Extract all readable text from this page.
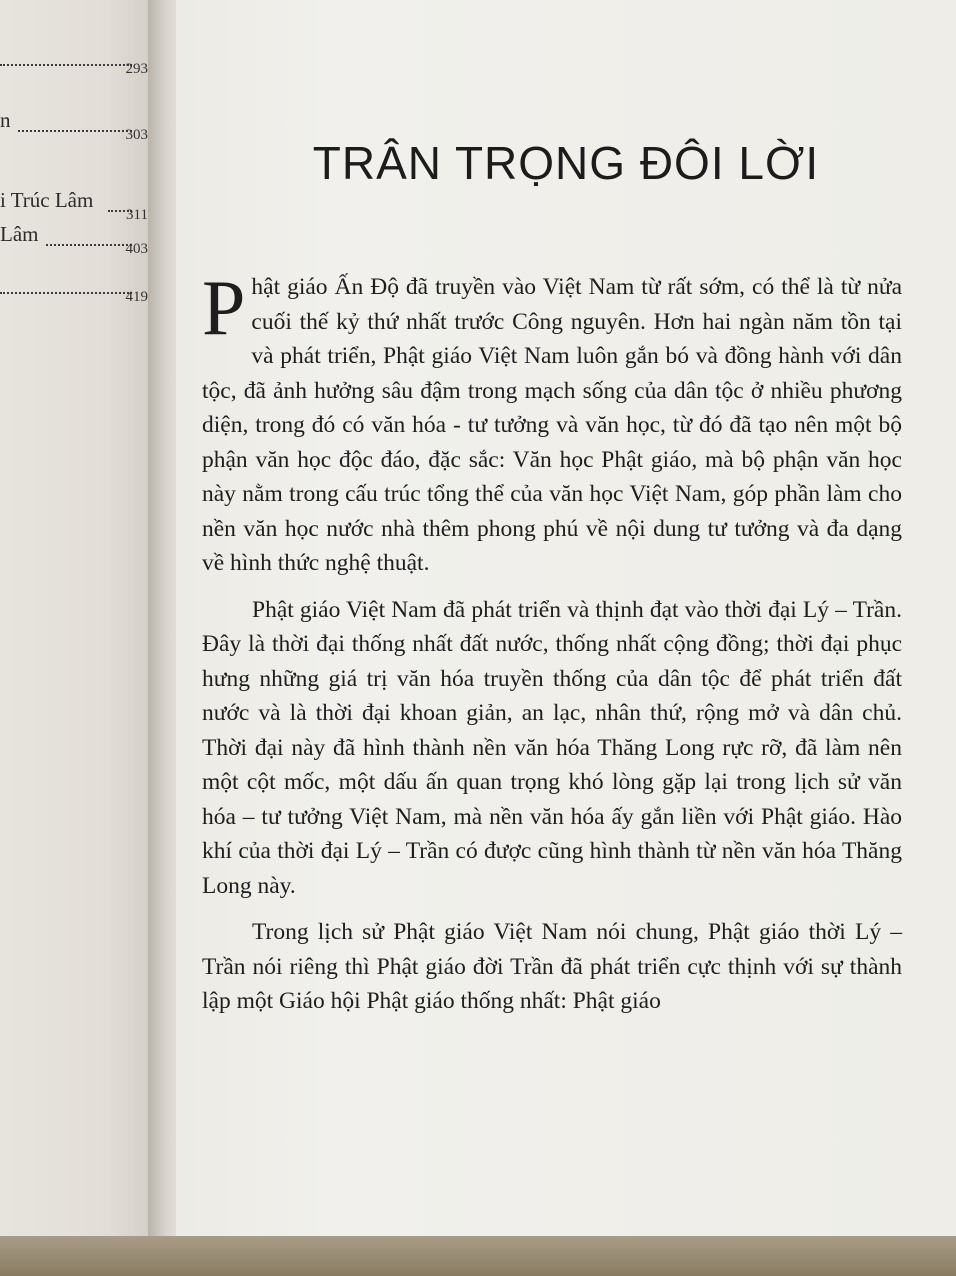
293
n
303
i Trúc Lâm
311
Lâm
403
419
TRÂN TRỌNG ĐÔI LỜI

Phật giáo Ấn Độ đã truyền vào Việt Nam từ rất sớm, có thể là từ nửa cuối thế kỷ thứ nhất trước Công nguyên. Hơn hai ngàn năm tồn tại và phát triển, Phật giáo Việt Nam luôn gắn bó và đồng hành với dân tộc, đã ảnh hưởng sâu đậm trong mạch sống của dân tộc ở nhiều phương diện, trong đó có văn hóa - tư tưởng và văn học, từ đó đã tạo nên một bộ phận văn học độc đáo, đặc sắc: Văn học Phật giáo, mà bộ phận văn học này nằm trong cấu trúc tổng thể của văn học Việt Nam, góp phần làm cho nền văn học nước nhà thêm phong phú về nội dung tư tưởng và đa dạng về hình thức nghệ thuật.

Phật giáo Việt Nam đã phát triển và thịnh đạt vào thời đại Lý – Trần. Đây là thời đại thống nhất đất nước, thống nhất cộng đồng; thời đại phục hưng những giá trị văn hóa truyền thống của dân tộc để phát triển đất nước và là thời đại khoan giản, an lạc, nhân thứ, rộng mở và dân chủ. Thời đại này đã hình thành nền văn hóa Thăng Long rực rỡ, đã làm nên một cột mốc, một dấu ấn quan trọng khó lòng gặp lại trong lịch sử văn hóa – tư tưởng Việt Nam, mà nền văn hóa ấy gắn liền với Phật giáo. Hào khí của thời đại Lý – Trần có được cũng hình thành từ nền văn hóa Thăng Long này.

Trong lịch sử Phật giáo Việt Nam nói chung, Phật giáo thời Lý – Trần nói riêng thì Phật giáo đời Trần đã phát triển cực thịnh với sự thành lập một Giáo hội Phật giáo thống nhất: Phật giáo
